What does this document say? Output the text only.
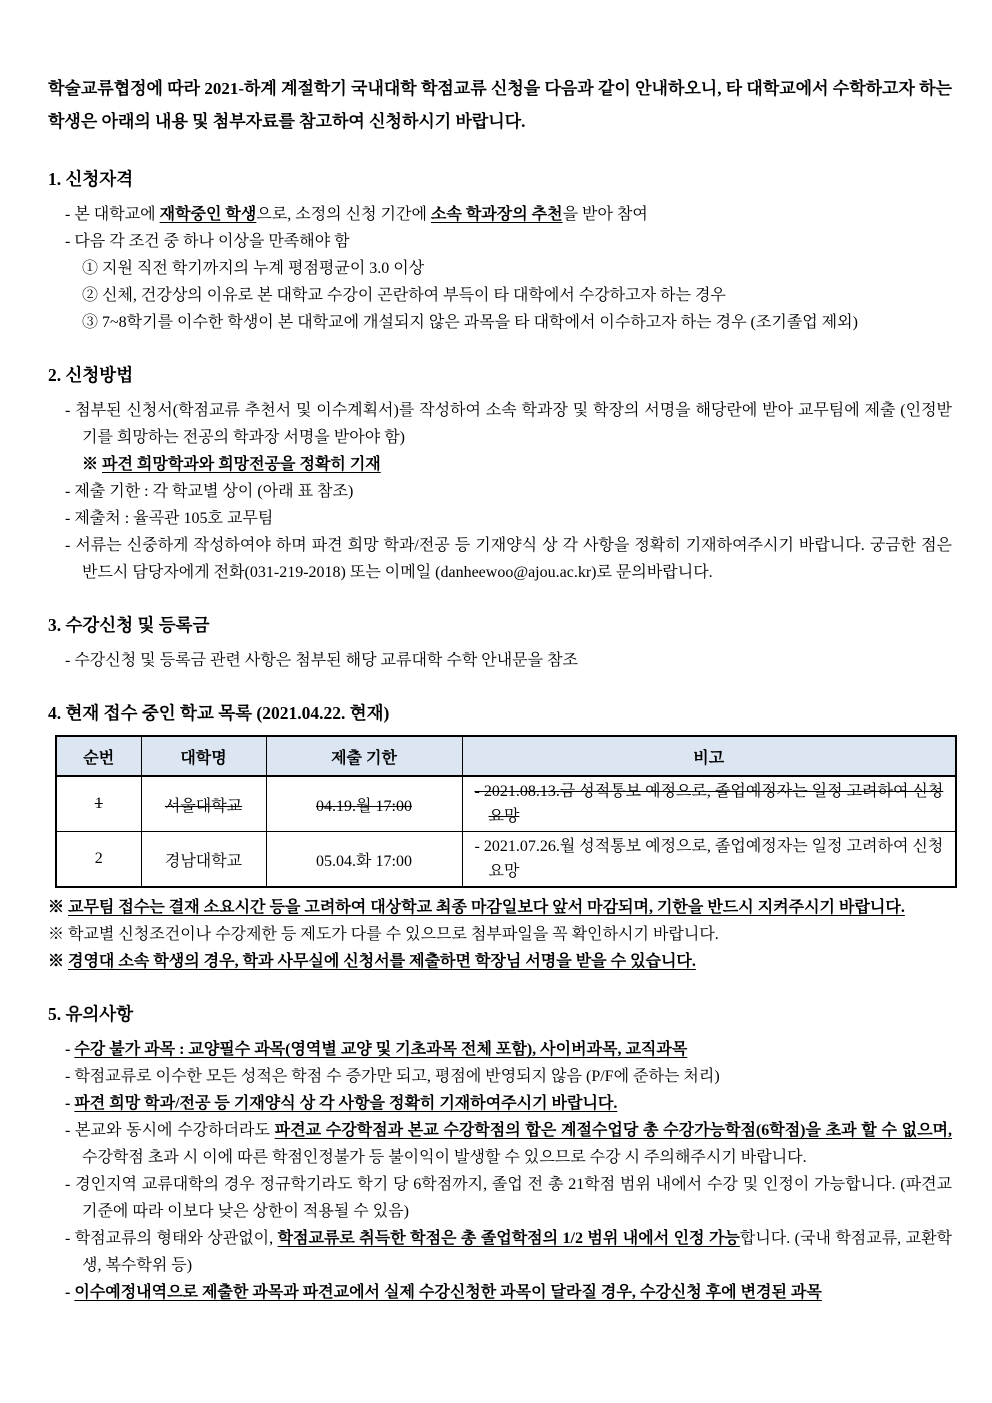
학술교류협정에 따라 2021-하계 계절학기 국내대학 학점교류 신청을 다음과 같이 안내하오니, 타 대학교에서 수학하고자 하는 학생은 아래의 내용 및 첨부자료를 참고하여 신청하시기 바랍니다.

1. 신청자격

- 본 대학교에 재학중인 학생으로, 소정의 신청 기간에 소속 학과장의 추천을 받아 참여

- 다음 각 조건 중 하나 이상을 만족해야 함

① 지원 직전 학기까지의 누계 평점평균이 3.0 이상

② 신체, 건강상의 이유로 본 대학교 수강이 곤란하여 부득이 타 대학에서 수강하고자 하는 경우

③ 7~8학기를 이수한 학생이 본 대학교에 개설되지 않은 과목을 타 대학에서 이수하고자 하는 경우 (조기졸업 제외)

2. 신청방법

- 첨부된 신청서(학점교류 추천서 및 이수계획서)를 작성하여 소속 학과장 및 학장의 서명을 해당란에 받아 교무팀에 제출 (인정받기를 희망하는 전공의 학과장 서명을 받아야 함)

※ 파견 희망학과와 희망전공을 정확히 기재

- 제출 기한 : 각 학교별 상이 (아래 표 참조)

- 제출처 : 율곡관 105호 교무팀

- 서류는 신중하게 작성하여야 하며 파견 희망 학과/전공 등 기재양식 상 각 사항을 정확히 기재하여주시기 바랍니다. 궁금한 점은 반드시 담당자에게 전화(031-219-2018) 또는 이메일 (danheewoo@ajou.ac.kr)로 문의바랍니다.

3. 수강신청 및 등록금

- 수강신청 및 등록금 관련 사항은 첨부된 해당 교류대학 수학 안내문을 참조

4. 현재 접수 중인 학교 목록 (2021.04.22. 현재)
순번	대학명	제출 기한	비고
1	서울대학교	04.19.월 17:00	- 2021.08.13.금 성적통보 예정으로, 졸업예정자는 일정 고려하여 신청 요망
2	경남대학교	05.04.화 17:00	- 2021.07.26.월 성적통보 예정으로, 졸업예정자는 일정 고려하여 신청 요망

※ 교무팀 접수는 결재 소요시간 등을 고려하여 대상학교 최종 마감일보다 앞서 마감되며, 기한을 반드시 지켜주시기 바랍니다.

※ 학교별 신청조건이나 수강제한 등 제도가 다를 수 있으므로 첨부파일을 꼭 확인하시기 바랍니다.

※ 경영대 소속 학생의 경우, 학과 사무실에 신청서를 제출하면 학장님 서명을 받을 수 있습니다.

5. 유의사항

- 수강 불가 과목 : 교양필수 과목(영역별 교양 및 기초과목 전체 포함), 사이버과목, 교직과목

- 학점교류로 이수한 모든 성적은 학점 수 증가만 되고, 평점에 반영되지 않음 (P/F에 준하는 처리)

- 파견 희망 학과/전공 등 기재양식 상 각 사항을 정확히 기재하여주시기 바랍니다.

- 본교와 동시에 수강하더라도 파견교 수강학점과 본교 수강학점의 합은 계절수업당 총 수강가능학점(6학점)을 초과 할 수 없으며, 수강학점 초과 시 이에 따른 학점인정불가 등 불이익이 발생할 수 있으므로 수강 시 주의해주시기 바랍니다.

- 경인지역 교류대학의 경우 정규학기라도 학기 당 6학점까지, 졸업 전 총 21학점 범위 내에서 수강 및 인정이 가능합니다. (파견교 기준에 따라 이보다 낮은 상한이 적용될 수 있음)

- 학점교류의 형태와 상관없이, 학점교류로 취득한 학점은 총 졸업학점의 1/2 범위 내에서 인정 가능합니다. (국내 학점교류, 교환학생, 복수학위 등)

- 이수예정내역으로 제출한 과목과 파견교에서 실제 수강신청한 과목이 달라질 경우, 수강신청 후에 변경된 과목
